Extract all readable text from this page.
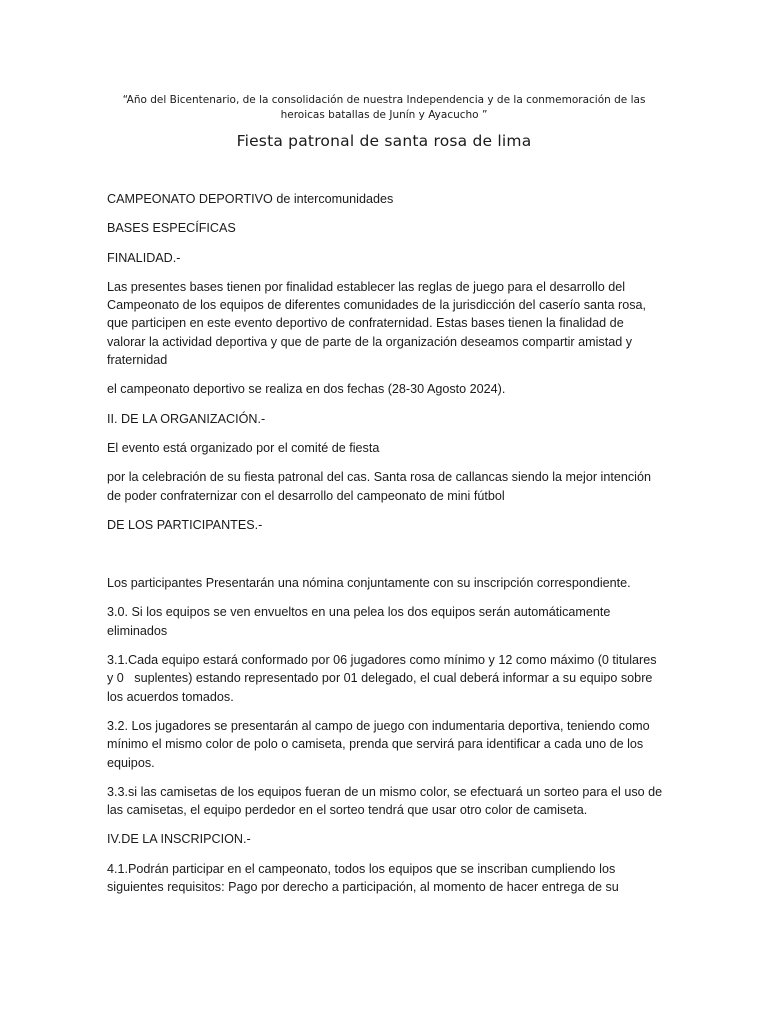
“Año del Bicentenario, de la consolidación de nuestra Independencia y de la conmemoración de las heroicas batallas de Junín y Ayacucho ”
Fiesta patronal de santa rosa de lima

CAMPEONATO DEPORTIVO de intercomunidades

BASES ESPECÍFICAS

FINALIDAD.-

Las presentes bases tienen por finalidad establecer las reglas de juego para el desarrollo del Campeonato de los equipos de diferentes comunidades de la jurisdicción del caserío santa rosa, que participen en este evento deportivo de confraternidad. Estas bases tienen la finalidad de valorar la actividad deportiva y que de parte de la organización deseamos compartir amistad y fraternidad

el campeonato deportivo se realiza en dos fechas (28-30 Agosto 2024).

II. DE LA ORGANIZACIÓN.-

El evento está organizado por el comité de fiesta

por la celebración de su fiesta patronal del cas. Santa rosa de callancas siendo la mejor intención de poder confraternizar con el desarrollo del campeonato de mini fútbol

DE LOS PARTICIPANTES.-

Los participantes Presentarán una nómina conjuntamente con su inscripción correspondiente.

3.0. Si los equipos se ven envueltos en una pelea los dos equipos serán automáticamente eliminados

3.1.Cada equipo estará conformado por 06 jugadores como mínimo y 12 como máximo (0 titulares y 0   suplentes) estando representado por 01 delegado, el cual deberá informar a su equipo sobre los acuerdos tomados.

3.2. Los jugadores se presentarán al campo de juego con indumentaria deportiva, teniendo como mínimo el mismo color de polo o camiseta, prenda que servirá para identificar a cada uno de los equipos.

3.3.si las camisetas de los equipos fueran de un mismo color, se efectuará un sorteo para el uso de las camisetas, el equipo perdedor en el sorteo tendrá que usar otro color de camiseta.

IV.DE LA INSCRIPCION.-

4.1.Podrán participar en el campeonato, todos los equipos que se inscriban cumpliendo los siguientes requisitos: Pago por derecho a participación, al momento de hacer entrega de su
